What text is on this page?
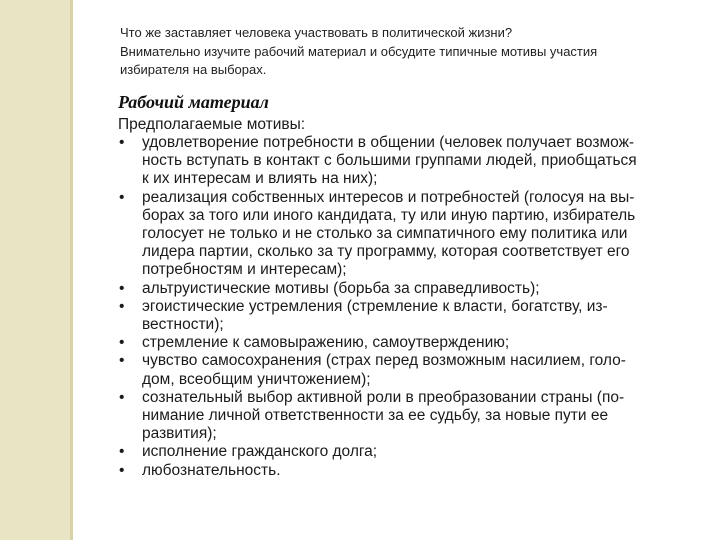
Что же заставляет человека участвовать в политической жизни?
Внимательно изучите рабочий материал и обсудите типичные мотивы участия
избирателя на выборах.
Рабочий материал
Предполагаемые мотивы:
• удовлетворение потребности в общении (человек получает возмож-
ность вступать в контакт с большими группами людей, приобщаться
к их интересам и влиять на них);
• реализация собственных интересов и потребностей (голосуя на вы-
борах за того или иного кандидата, ту или иную партию, избиратель
голосует не только и не столько за симпатичного ему политика или
лидера партии, сколько за ту программу, которая соответствует его
потребностям и интересам);
• альтруистические мотивы (борьба за справедливость);
• эгоистические устремления (стремление к власти, богатству, из-
вестности);
• стремление к самовыражению, самоутверждению;
• чувство самосохранения (страх перед возможным насилием, голо-
дом, всеобщим уничтожением);
• сознательный выбор активной роли в преобразовании страны (по-
нимание личной ответственности за ее судьбу, за новые пути ее
развития);
• исполнение гражданского долга;
• любознательность.
